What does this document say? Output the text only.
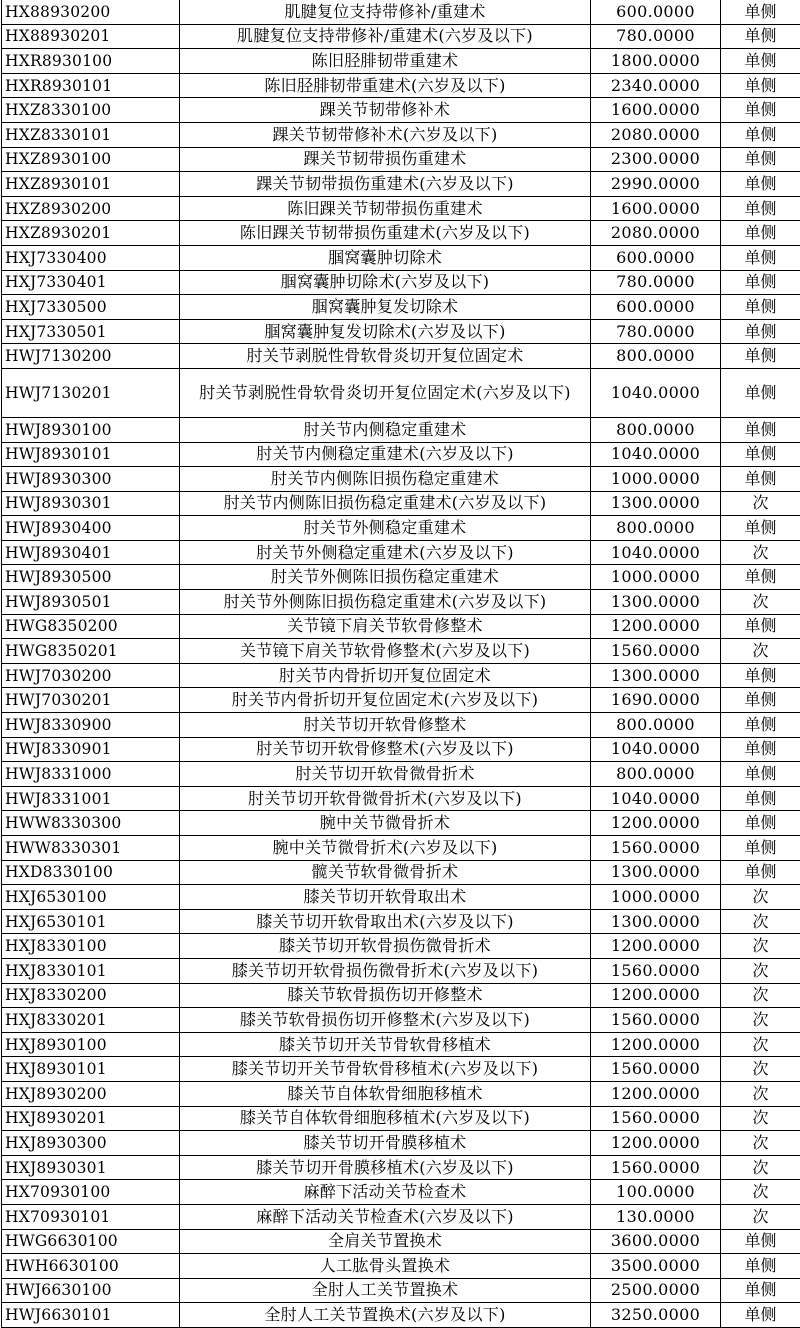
HX88930200	肌腱复位支持带修补/重建术	600.0000	单侧
HX88930201	肌腱复位支持带修补/重建术(六岁及以下)	780.0000	单侧
HXR8930100	陈旧胫腓韧带重建术	1800.0000	单侧
HXR8930101	陈旧胫腓韧带重建术(六岁及以下)	2340.0000	单侧
HXZ8330100	踝关节韧带修补术	1600.0000	单侧
HXZ8330101	踝关节韧带修补术(六岁及以下)	2080.0000	单侧
HXZ8930100	踝关节韧带损伤重建术	2300.0000	单侧
HXZ8930101	踝关节韧带损伤重建术(六岁及以下)	2990.0000	单侧
HXZ8930200	陈旧踝关节韧带损伤重建术	1600.0000	单侧
HXZ8930201	陈旧踝关节韧带损伤重建术(六岁及以下)	2080.0000	单侧
HXJ7330400	腘窝囊肿切除术	600.0000	单侧
HXJ7330401	腘窝囊肿切除术(六岁及以下)	780.0000	单侧
HXJ7330500	腘窝囊肿复发切除术	600.0000	单侧
HXJ7330501	腘窝囊肿复发切除术(六岁及以下)	780.0000	单侧
HWJ7130200	肘关节剥脱性骨软骨炎切开复位固定术	800.0000	单侧
HWJ7130201	肘关节剥脱性骨软骨炎切开复位固定术(六岁及以下)	1040.0000	单侧
HWJ8930100	肘关节内侧稳定重建术	800.0000	单侧
HWJ8930101	肘关节内侧稳定重建术(六岁及以下)	1040.0000	单侧
HWJ8930300	肘关节内侧陈旧损伤稳定重建术	1000.0000	单侧
HWJ8930301	肘关节内侧陈旧损伤稳定重建术(六岁及以下)	1300.0000	次
HWJ8930400	肘关节外侧稳定重建术	800.0000	单侧
HWJ8930401	肘关节外侧稳定重建术(六岁及以下)	1040.0000	次
HWJ8930500	肘关节外侧陈旧损伤稳定重建术	1000.0000	单侧
HWJ8930501	肘关节外侧陈旧损伤稳定重建术(六岁及以下)	1300.0000	次
HWG8350200	关节镜下肩关节软骨修整术	1200.0000	单侧
HWG8350201	关节镜下肩关节软骨修整术(六岁及以下)	1560.0000	次
HWJ7030200	肘关节内骨折切开复位固定术	1300.0000	单侧
HWJ7030201	肘关节内骨折切开复位固定术(六岁及以下)	1690.0000	单侧
HWJ8330900	肘关节切开软骨修整术	800.0000	单侧
HWJ8330901	肘关节切开软骨修整术(六岁及以下)	1040.0000	单侧
HWJ8331000	肘关节切开软骨微骨折术	800.0000	单侧
HWJ8331001	肘关节切开软骨微骨折术(六岁及以下)	1040.0000	单侧
HWW8330300	腕中关节微骨折术	1200.0000	单侧
HWW8330301	腕中关节微骨折术(六岁及以下)	1560.0000	单侧
HXD8330100	髋关节软骨微骨折术	1300.0000	单侧
HXJ6530100	膝关节切开软骨取出术	1000.0000	次
HXJ6530101	膝关节切开软骨取出术(六岁及以下)	1300.0000	次
HXJ8330100	膝关节切开软骨损伤微骨折术	1200.0000	次
HXJ8330101	膝关节切开软骨损伤微骨折术(六岁及以下)	1560.0000	次
HXJ8330200	膝关节软骨损伤切开修整术	1200.0000	次
HXJ8330201	膝关节软骨损伤切开修整术(六岁及以下)	1560.0000	次
HXJ8930100	膝关节切开关节骨软骨移植术	1200.0000	次
HXJ8930101	膝关节切开关节骨软骨移植术(六岁及以下)	1560.0000	次
HXJ8930200	膝关节自体软骨细胞移植术	1200.0000	次
HXJ8930201	膝关节自体软骨细胞移植术(六岁及以下)	1560.0000	次
HXJ8930300	膝关节切开骨膜移植术	1200.0000	次
HXJ8930301	膝关节切开骨膜移植术(六岁及以下)	1560.0000	次
HX70930100	麻醉下活动关节检查术	100.0000	次
HX70930101	麻醉下活动关节检查术(六岁及以下)	130.0000	次
HWG6630100	全肩关节置换术	3600.0000	单侧
HWH6630100	人工肱骨头置换术	3500.0000	单侧
HWJ6630100	全肘人工关节置换术	2500.0000	单侧
HWJ6630101	全肘人工关节置换术(六岁及以下)	3250.0000	单侧
